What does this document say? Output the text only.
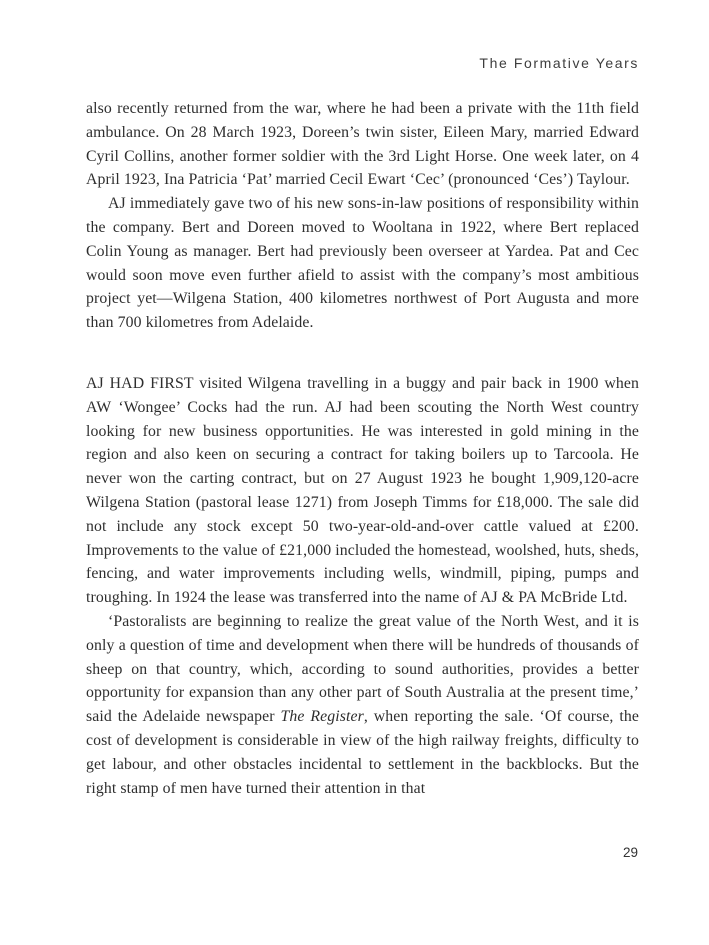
The Formative Years

also recently returned from the war, where he had been a private with the 11th field ambulance. On 28 March 1923, Doreen’s twin sister, Eileen Mary, married Edward Cyril Collins, another former soldier with the 3rd Light Horse. One week later, on 4 April 1923, Ina Patricia ‘Pat’ married Cecil Ewart ‘Cec’ (pronounced ‘Ces’) Taylour.

AJ immediately gave two of his new sons-in-law positions of responsibility within the company. Bert and Doreen moved to Wooltana in 1922, where Bert replaced Colin Young as manager. Bert had previously been overseer at Yardea. Pat and Cec would soon move even further afield to assist with the company’s most ambitious project yet—Wilgena Station, 400 kilometres northwest of Port Augusta and more than 700 kilometres from Adelaide.

AJ HAD FIRST visited Wilgena travelling in a buggy and pair back in 1900 when AW ‘Wongee’ Cocks had the run. AJ had been scouting the North West country looking for new business opportunities. He was interested in gold mining in the region and also keen on securing a contract for taking boilers up to Tarcoola. He never won the carting contract, but on 27 August 1923 he bought 1,909,120-acre Wilgena Station (pastoral lease 1271) from Joseph Timms for £18,000. The sale did not include any stock except 50 two-year-old-and-over cattle valued at £200. Improvements to the value of £21,000 included the homestead, woolshed, huts, sheds, fencing, and water improvements including wells, windmill, piping, pumps and troughing. In 1924 the lease was transferred into the name of AJ & PA McBride Ltd.

‘Pastoralists are beginning to realize the great value of the North West, and it is only a question of time and development when there will be hundreds of thousands of sheep on that country, which, according to sound authorities, provides a better opportunity for expansion than any other part of South Australia at the present time,’ said the Adelaide newspaper The Register, when reporting the sale. ‘Of course, the cost of development is considerable in view of the high railway freights, difficulty to get labour, and other obstacles incidental to settlement in the backblocks. But the right stamp of men have turned their attention in that

29
